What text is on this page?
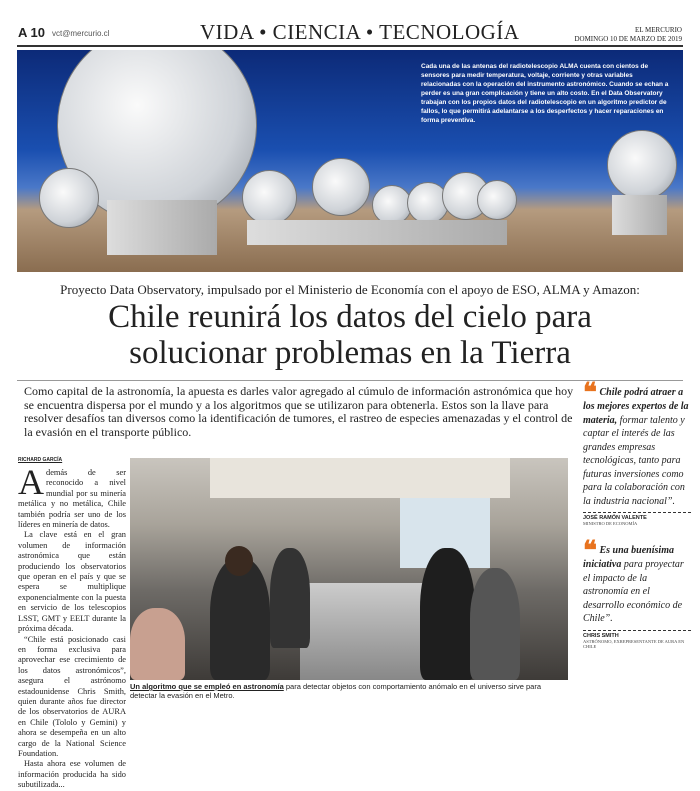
A 10 vct@mercurio.cl	VIDA • CIENCIA • TECNOLOGÍA	EL MERCURIO
DOMINGO 10 DE MARZO DE 2019
Cada una de las antenas del radiotelescopio ALMA cuenta con cientos de sensores para medir temperatura, voltaje, corriente y otras variables relacionadas con la operación del instrumento astronómico. Cuando se echan a perder es una gran complicación y tiene un alto costo. En el Data Observatory trabajan con los propios datos del radiotelescopio en un algoritmo predictor de fallos, lo que permitirá adelantarse a los desperfectos y hacer reparaciones en forma preventiva.
Proyecto Data Observatory, impulsado por el Ministerio de Economía con el apoyo de ESO, ALMA y Amazon:
Chile reunirá los datos del cielo para solucionar problemas en la Tierra
Como capital de la astronomía, la apuesta es darles valor agregado al cúmulo de información astronómica que hoy se encuentra dispersa por el mundo y a los algoritmos que se utilizaron para obtenerla. Estos son la llave para resolver desafíos tan diversos como la identificación de tumores, el rastreo de especies amenazadas y el control de la evasión en el transporte público.
RICHARD GARCÍA

Además de ser reconocido a nivel mundial por su minería metálica y no metálica, Chile también podría ser uno de los líderes en minería de datos.

La clave está en el gran volumen de información astronómica que están produciendo los observatorios que operan en el país y que se espera se multiplique exponencialmente con la puesta en servicio de los telescopios LSST, GMT y EELT durante la próxima década.

“Chile está posicionado casi en forma exclusiva para aprovechar ese crecimiento de los datos astronómicos”, asegura el astrónomo estadounidense Chris Smith, quien durante años fue director de los observatorios de AURA en Chile (Tololo y Gemini) y ahora se desempeña en un alto cargo de la National Science Foundation.

Hasta ahora ese volumen de información producida ha sido subutilizada...

Un algoritmo que se empleó en astronomía para detectar objetos con comportamiento anómalo en el universo sirve para detectar la evasión en el Metro.
❝ Chile podrá atraer a los mejores expertos de la materia, formar talento y captar el interés de las grandes empresas tecnológicas, tanto para futuras inversiones como para la colaboración con la industria nacional”.
JOSÉ RAMÓN VALENTE
MINISTRO DE ECONOMÍA
❝ Es una buenísima iniciativa para proyectar el impacto de la astronomía en el desarrollo económico de Chile”.
CHRIS SMITH
ASTRÓNOMO, EXREPRESENTANTE DE AURA EN CHILE
